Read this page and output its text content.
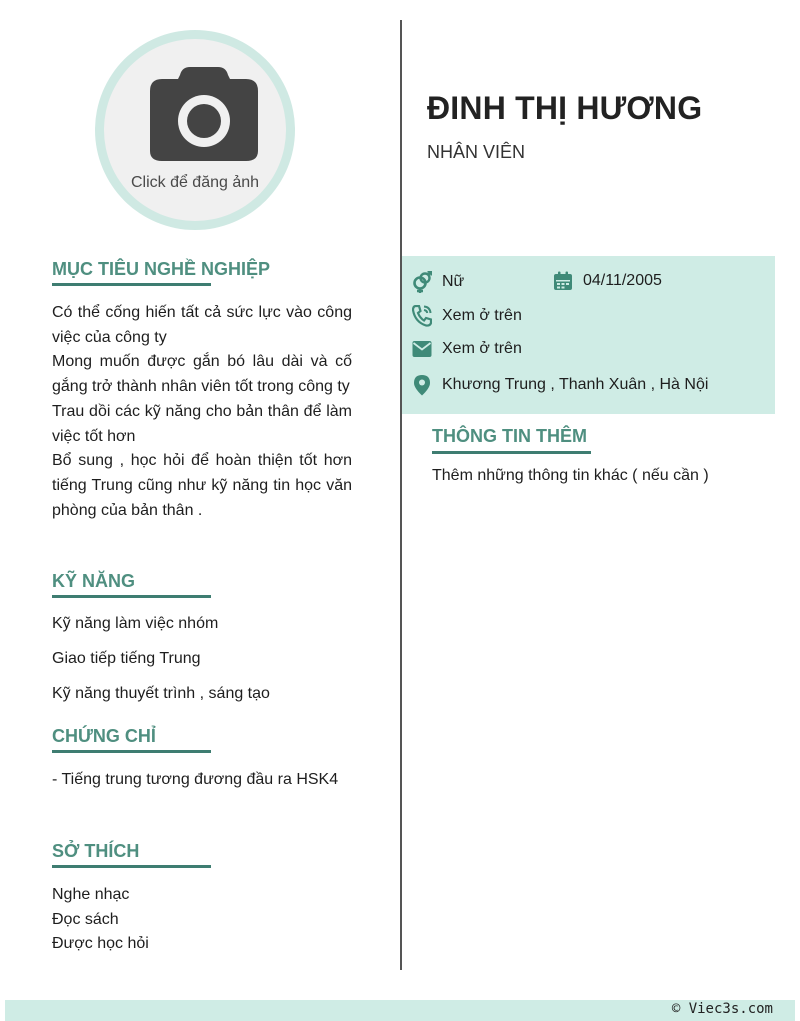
Click để đăng ảnh
ĐINH THỊ HƯƠNG
NHÂN VIÊN
Nữ	04/11/2005
Xem ở trên
Xem ở trên
Khương Trung , Thanh Xuân , Hà Nội
THÔNG TIN THÊM
Thêm những thông tin khác ( nếu cần )
MỤC TIÊU NGHỀ NGHIỆP
Có thể cống hiến tất cả sức lực vào công việc của công ty
Mong muốn được gắn bó lâu dài và cố gắng trở thành nhân viên tốt trong công ty
Trau dồi các kỹ năng cho bản thân để làm việc tốt hơn
Bổ sung , học hỏi để hoàn thiện tốt hơn tiếng Trung cũng như kỹ năng tin học văn phòng của bản thân .
KỸ NĂNG
Kỹ năng làm việc nhóm
Giao tiếp tiếng Trung
Kỹ năng thuyết trình , sáng tạo
CHỨNG CHỈ
- Tiếng trung tương đương đầu ra HSK4
SỞ THÍCH
Nghe nhạc
Đọc sách
Được học hỏi
© Viec3s.com
